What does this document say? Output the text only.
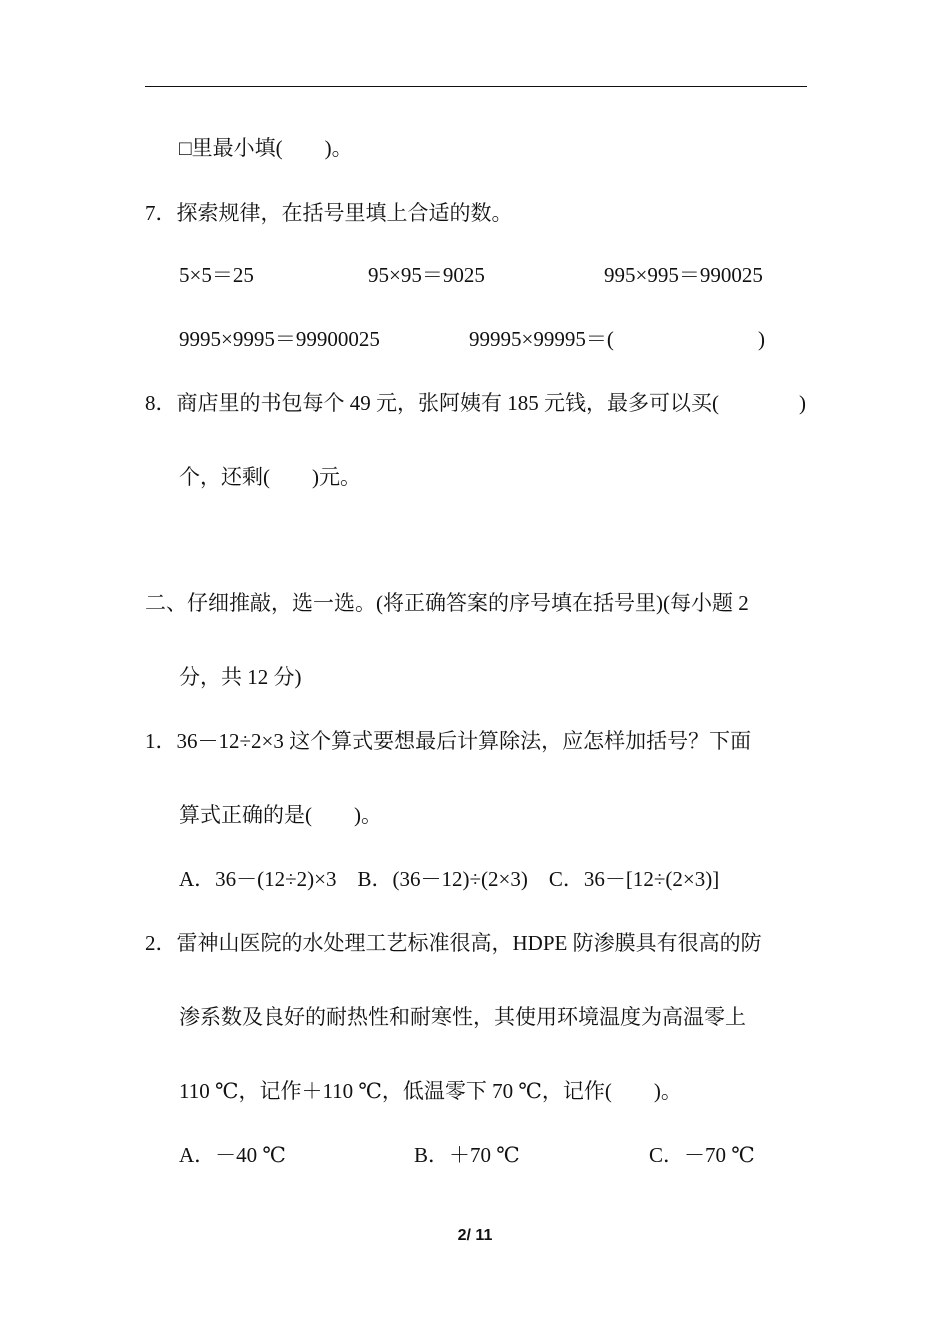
□里最小填(　　)。
7．探索规律，在括号里填上合适的数。
5×5＝25	95×95＝9025	995×995＝990025
9995×9995＝99900025	99995×99995＝(	)
8．商店里的书包每个 49 元，张阿姨有 185 元钱，最多可以买(	)
个，还剩(　　)元。
二、仔细推敲，选一选。(将正确答案的序号填在括号里)(每小题 2
分，共 12 分)
1．36－12÷2×3 这个算式要想最后计算除法，应怎样加括号？下面
算式正确的是(　　)。
A．36－(12÷2)×3　B．(36－12)÷(2×3)　C．36－[12÷(2×3)]
2．雷神山医院的水处理工艺标准很高，HDPE 防渗膜具有很高的防
渗系数及良好的耐热性和耐寒性，其使用环境温度为高温零上
110 ℃，记作＋110 ℃，低温零下 70 ℃，记作(　　)。
A．－40 ℃	B．＋70 ℃	C．－70 ℃
2/ 11
